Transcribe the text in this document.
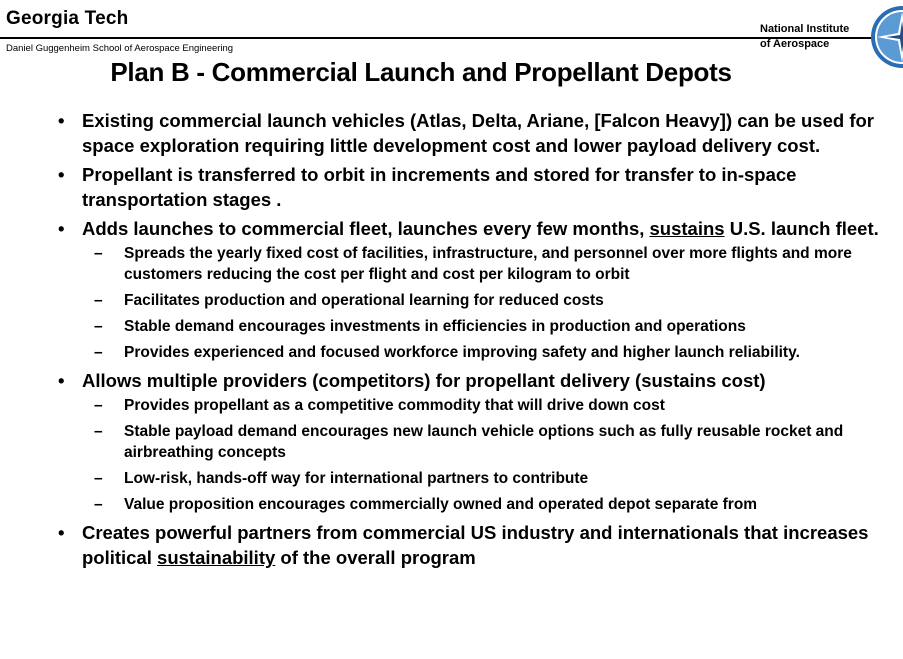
Georgia Tech
Daniel Guggenheim School of Aerospace Engineering
National Institute
of Aerospace
Plan B - Commercial Launch and Propellant Depots
• Existing commercial launch vehicles (Atlas, Delta, Ariane, [Falcon Heavy]) can be used for space exploration requiring little development cost and lower payload delivery cost.
• Propellant is transferred to orbit in increments and stored for transfer to in-space transportation stages .
• Adds launches to commercial fleet, launches every few months, sustains U.S. launch fleet.
– Spreads the yearly fixed cost of facilities, infrastructure, and personnel over more flights and more customers reducing the cost per flight and cost per kilogram to orbit
– Facilitates production and operational learning for reduced costs
– Stable demand encourages investments in efficiencies in production and operations
– Provides experienced and focused workforce improving safety and higher launch reliability.
• Allows multiple providers (competitors) for propellant delivery (sustains cost)
– Provides propellant as a competitive commodity that will drive down cost
– Stable payload demand encourages new launch vehicle options such as fully reusable rocket and airbreathing concepts
– Low-risk, hands-off way for international partners to contribute
– Value proposition encourages commercially owned and operated depot separate from
• Creates powerful partners from commercial US industry and internationals that increases political sustainability of the overall program
